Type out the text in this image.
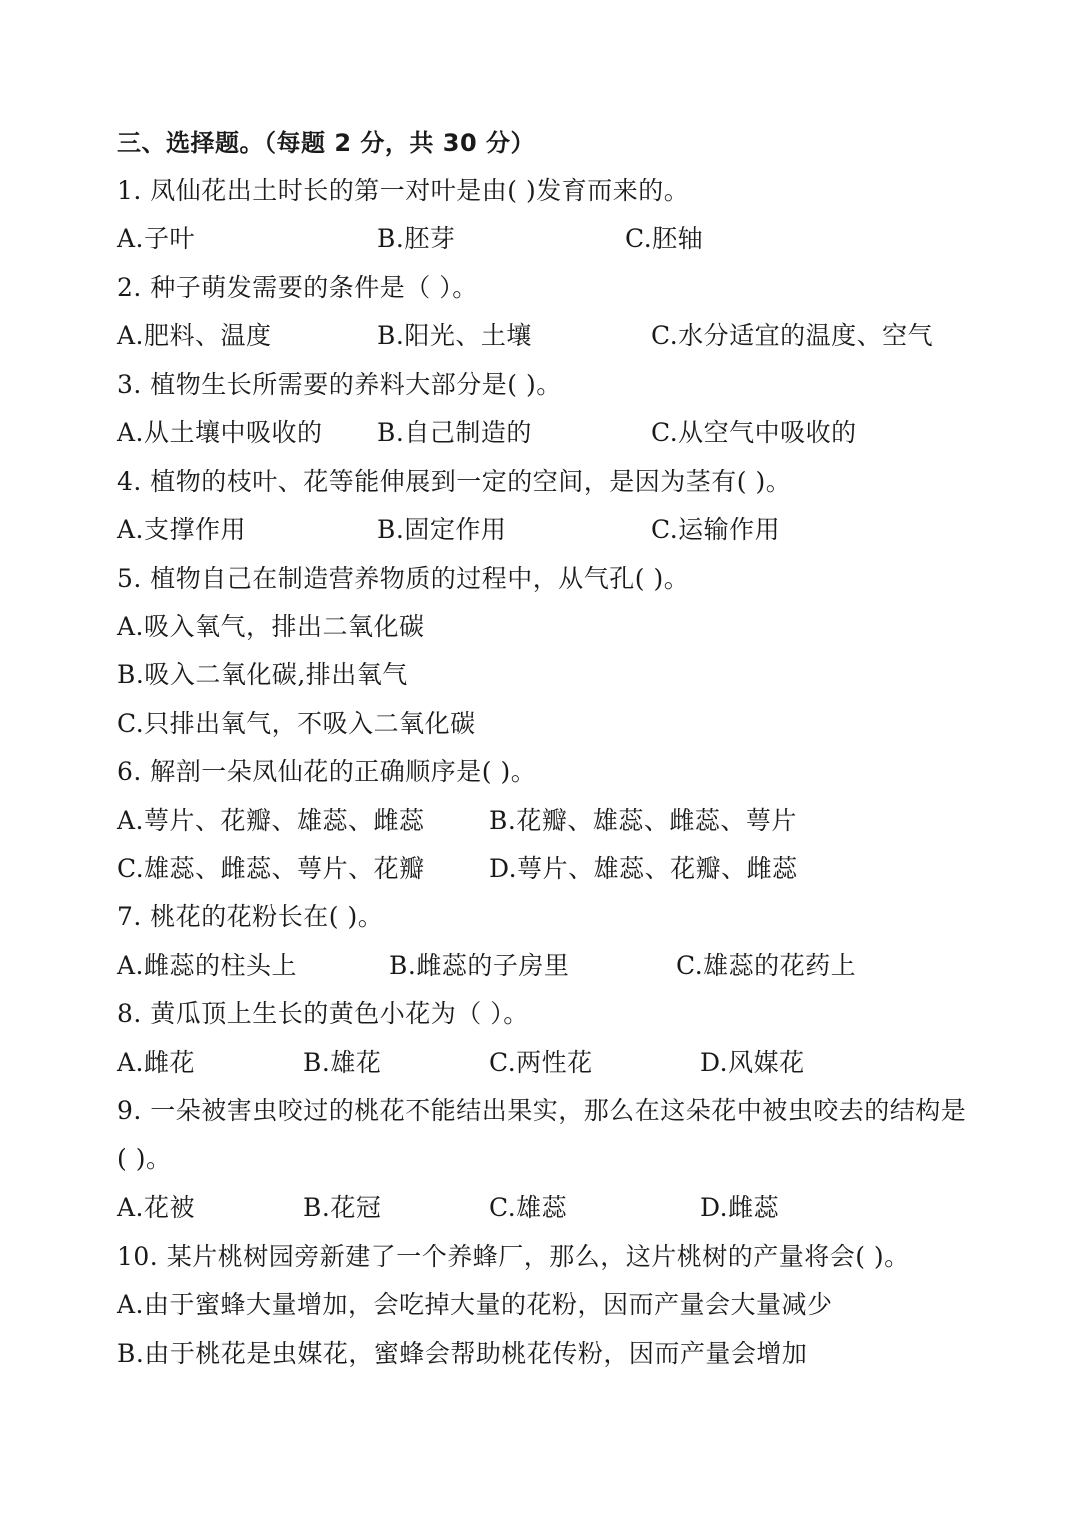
三、选择题。（每题 2 分，共 30 分）
1. 凤仙花出土时长的第一对叶是由( )发育而来的。
A.子叶	B.胚芽	C.胚轴
2. 种子萌发需要的条件是（ ）。
A.肥料、温度	B.阳光、土壤	C.水分适宜的温度、空气
3. 植物生长所需要的养料大部分是( )。
A.从土壤中吸收的 B.自己制造的	C.从空气中吸收的
4. 植物的枝叶、花等能伸展到一定的空间，是因为茎有( )。
A.支撑作用	B.固定作用	C.运输作用
5. 植物自己在制造营养物质的过程中，从气孔( )。
A.吸入氧气，排出二氧化碳
B.吸入二氧化碳,排出氧气
C.只排出氧气，不吸入二氧化碳
6. 解剖一朵凤仙花的正确顺序是( )。
A.萼片、花瓣、雄蕊、雌蕊	B.花瓣、雄蕊、雌蕊、萼片
C.雄蕊、雌蕊、萼片、花瓣	D.萼片、雄蕊、花瓣、雌蕊
7. 桃花的花粉长在( )。
A.雌蕊的柱头上	B.雌蕊的子房里	C.雄蕊的花药上
8. 黄瓜顶上生长的黄色小花为（ ）。
A.雌花	B.雄花	C.两性花	D.风媒花
9. 一朵被害虫咬过的桃花不能结出果实，那么在这朵花中被虫咬去的结构是
( )。
A.花被	B.花冠	C.雄蕊	D.雌蕊
10. 某片桃树园旁新建了一个养蜂厂，那么，这片桃树的产量将会( )。
A.由于蜜蜂大量增加，会吃掉大量的花粉，因而产量会大量减少
B.由于桃花是虫媒花，蜜蜂会帮助桃花传粉，因而产量会增加
